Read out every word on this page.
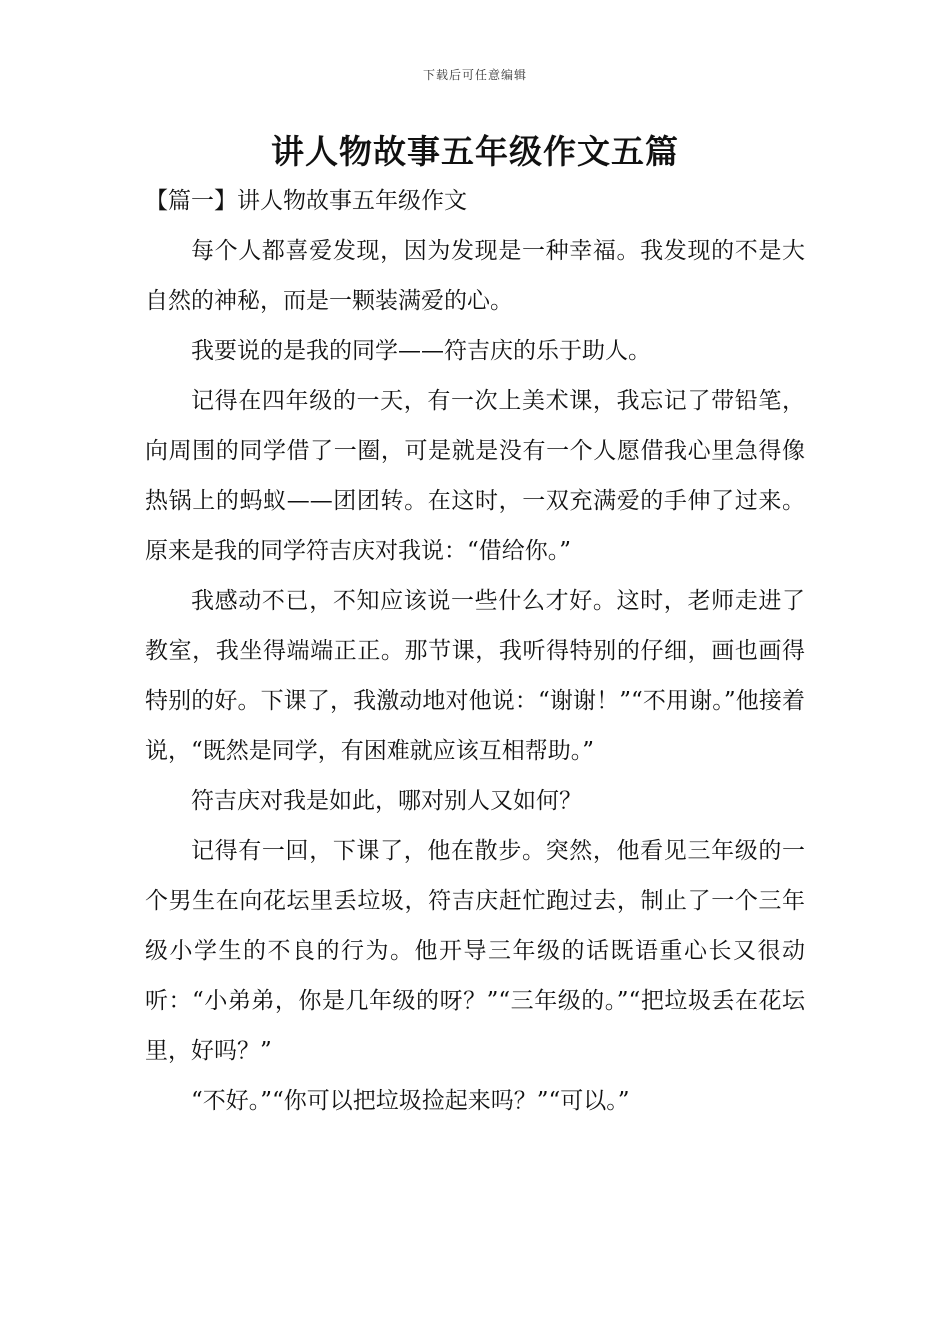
下载后可任意编辑
讲人物故事五年级作文五篇
【篇一】讲人物故事五年级作文

每个人都喜爱发现，因为发现是一种幸福。我发现的不是大自然的神秘，而是一颗装满爱的心。

我要说的是我的同学——符吉庆的乐于助人。

记得在四年级的一天，有一次上美术课，我忘记了带铅笔，向周围的同学借了一圈，可是就是没有一个人愿借我心里急得像热锅上的蚂蚁——团团转。在这时，一双充满爱的手伸了过来。原来是我的同学符吉庆对我说：“借给你。”

我感动不已，不知应该说一些什么才好。这时，老师走进了教室，我坐得端端正正。那节课，我听得特别的仔细，画也画得特别的好。下课了，我激动地对他说：“谢谢！”“不用谢。”他接着说，“既然是同学，有困难就应该互相帮助。”

符吉庆对我是如此，哪对别人又如何？

记得有一回，下课了，他在散步。突然，他看见三年级的一个男生在向花坛里丢垃圾，符吉庆赶忙跑过去，制止了一个三年级小学生的不良的行为。他开导三年级的话既语重心长又很动听：“小弟弟，你是几年级的呀？”“三年级的。”“把垃圾丢在花坛里，好吗？”

“不好。”“你可以把垃圾捡起来吗？”“可以。”
